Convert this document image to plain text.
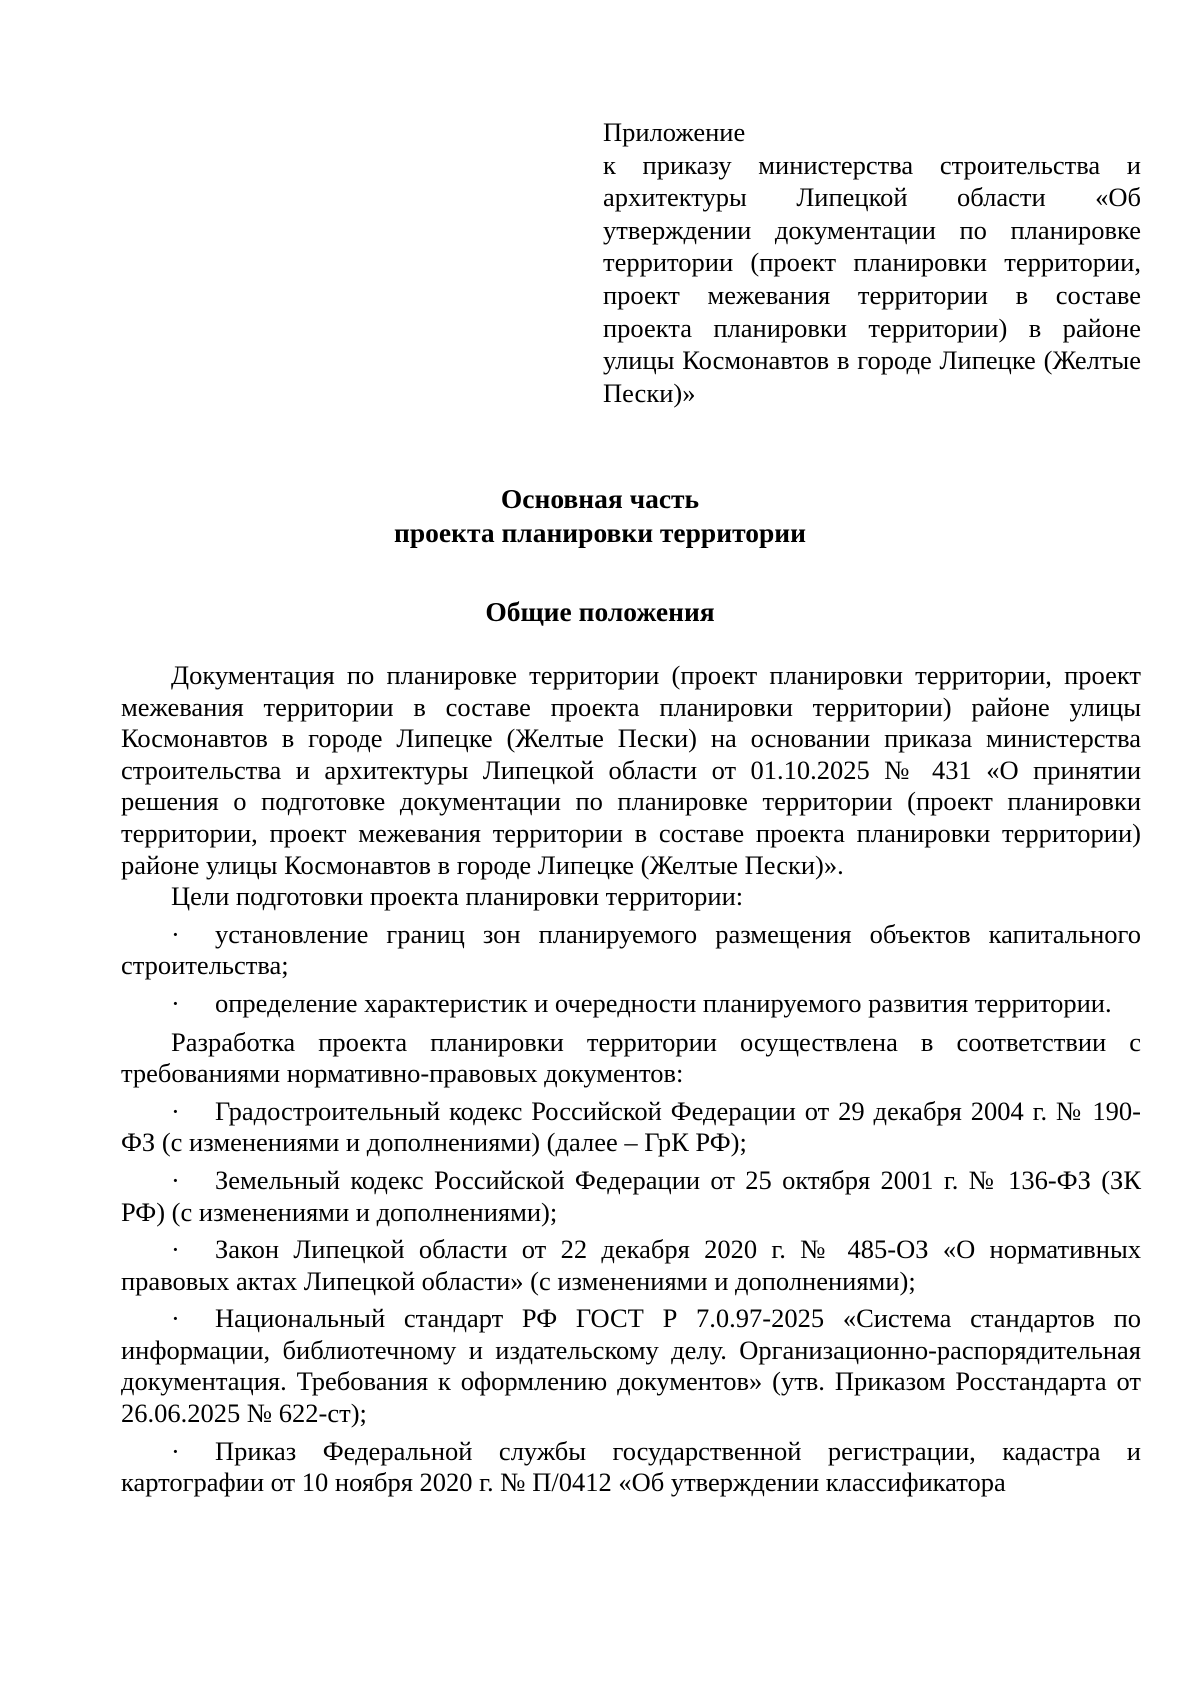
Приложение
к приказу министерства строительства и архитектуры Липецкой области «Об утверждении документации по планировке территории (проект планировки территории, проект межевания территории в составе проекта планировки территории) в районе улицы Космонавтов в городе Липецке (Желтые Пески)»
Основная часть
проекта планировки территории
Общие положения

Документация по планировке территории (проект планировки территории, проект межевания территории в составе проекта планировки территории) районе улицы Космонавтов в городе Липецке (Желтые Пески) на основании приказа министерства строительства и архитектуры Липецкой области от 01.10.2025 № 431 «О принятии решения о подготовке документации по планировке территории (проект планировки территории, проект межевания территории в составе проекта планировки территории) районе улицы Космонавтов в городе Липецке (Желтые Пески)».

Цели подготовки проекта планировки территории:

· установление границ зон планируемого размещения объектов капитального строительства;
· определение характеристик и очередности планируемого развития территории.

Разработка проекта планировки территории осуществлена в соответствии с требованиями нормативно-правовых документов:

· Градостроительный кодекс Российской Федерации от 29 декабря 2004 г. № 190-ФЗ (с изменениями и дополнениями) (далее – ГрК РФ);
· Земельный кодекс Российской Федерации от 25 октября 2001 г. № 136-ФЗ (ЗК РФ) (с изменениями и дополнениями);
· Закон Липецкой области от 22 декабря 2020 г. № 485-ОЗ «О нормативных правовых актах Липецкой области» (с изменениями и дополнениями);
· Национальный стандарт РФ ГОСТ Р 7.0.97-2025 «Система стандартов по информации, библиотечному и издательскому делу. Организационно-распорядительная документация. Требования к оформлению документов» (утв. Приказом Росстандарта от 26.06.2025 № 622-ст);
· Приказ Федеральной службы государственной регистрации, кадастра и картографии от 10 ноября 2020 г. № П/0412 «Об утверждении классификатора
